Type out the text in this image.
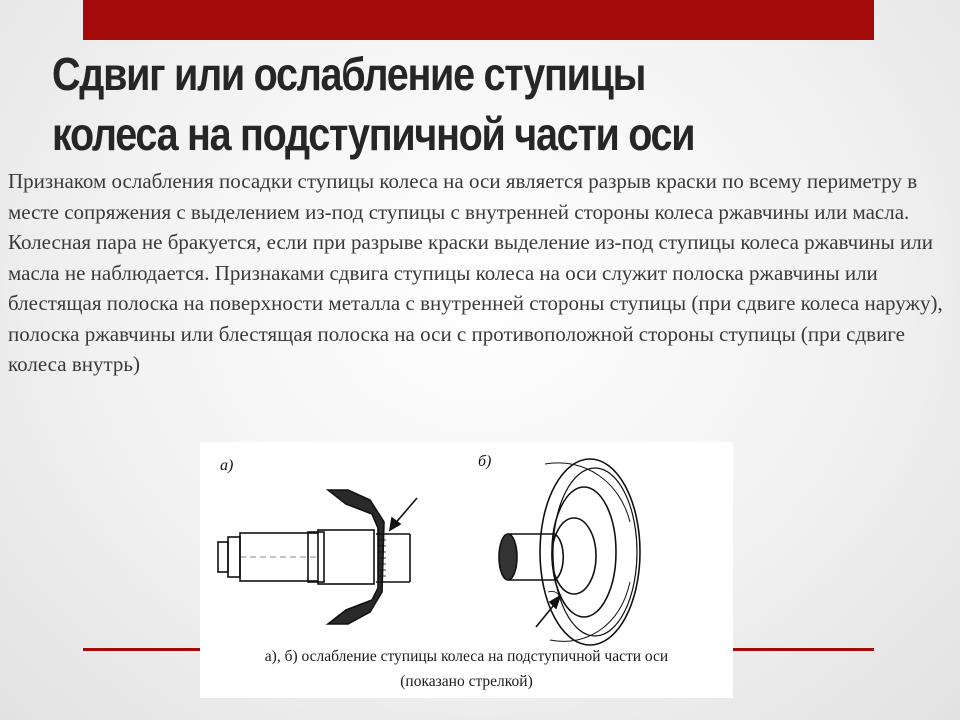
Сдвиг или ослабление ступицы
колеса на подступичной части оси

Признаком ослабления посадки ступицы колеса на оси является разрыв краски по всему периметру в месте сопряжения с выделением из-под ступицы с внутренней стороны колеса ржавчины или масла. Колесная пара не бракуется, если при разрыве краски выделение из-под ступицы колеса ржавчины или масла не наблюдается. Признаками сдвига ступицы колеса на оси служит полоска ржавчины или блестящая полоска на поверхности металла с внутренней стороны ступицы (при сдвиге колеса наружу), полоска ржавчины или блестящая полоска на оси с противоположной стороны ступицы (при сдвиге колеса внутрь)

а)	б)
а), б) ослабление ступицы колеса на подступичной части оси
(показано стрелкой)
